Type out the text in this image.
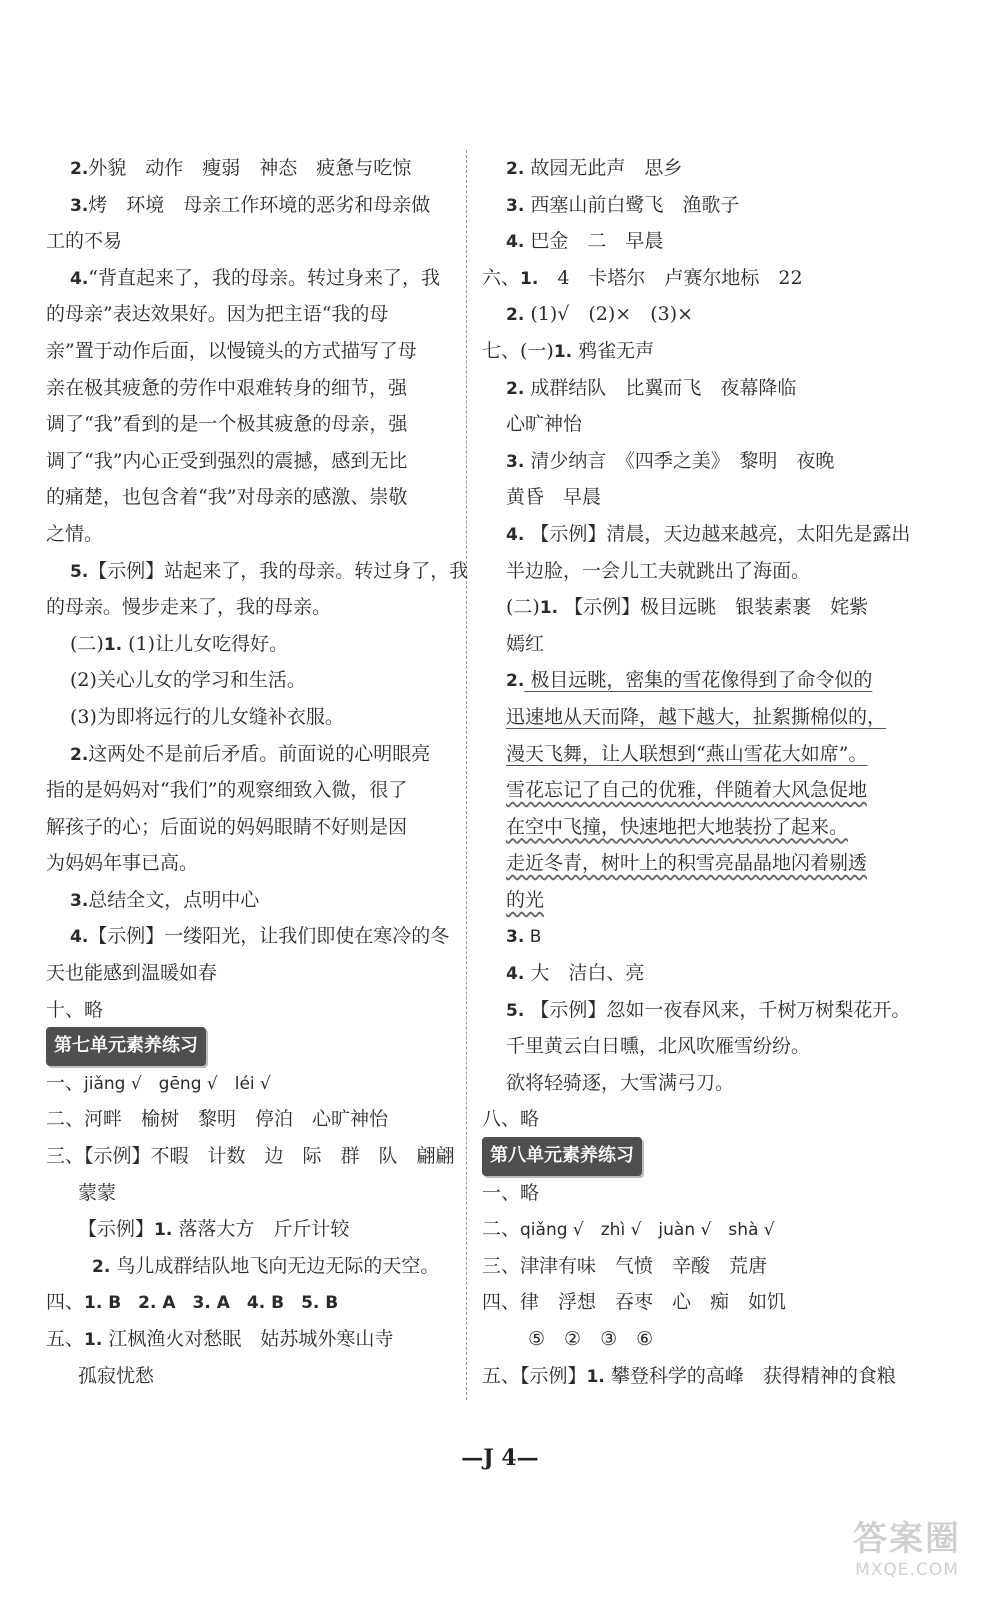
2.外貌　动作　瘦弱　神态　疲惫与吃惊
3.烤　环境　母亲工作环境的恶劣和母亲做
工的不易
4.“背直起来了，我的母亲。转过身来了，我
的母亲”表达效果好。因为把主语“我的母
亲”置于动作后面，以慢镜头的方式描写了母
亲在极其疲惫的劳作中艰难转身的细节，强
调了“我”看到的是一个极其疲惫的母亲，强
调了“我”内心正受到强烈的震撼，感到无比
的痛楚，也包含着“我”对母亲的感激、崇敬
之情。
5.【示例】站起来了，我的母亲。转过身了，我
的母亲。慢步走来了，我的母亲。
(二)1. (1)让儿女吃得好。
(2)关心儿女的学习和生活。
(3)为即将远行的儿女缝补衣服。
2.这两处不是前后矛盾。前面说的心明眼亮
指的是妈妈对“我们”的观察细致入微，很了
解孩子的心；后面说的妈妈眼睛不好则是因
为妈妈年事已高。
3.总结全文，点明中心
4.【示例】一缕阳光，让我们即使在寒冷的冬
天也能感到温暖如春
十、略
第七单元素养练习
一、jiǎng √　gēng √　léi √
二、河畔　榆树　黎明　停泊　心旷神怡
三、【示例】不暇　计数　边　际　群　队　翩翩
蒙蒙
【示例】1. 落落大方　斤斤计较
2. 鸟儿成群结队地飞向无边无际的天空。
四、1. B　2. A　3. A　4. B　5. B
五、1. 江枫渔火对愁眠　姑苏城外寒山寺
孤寂忧愁
2. 故园无此声　思乡
3. 西塞山前白鹭飞　渔歌子
4. 巴金　二　早晨
六、1.　4　卡塔尔　卢赛尔地标　22
2. (1)√　(2)×　(3)×
七、(一)1. 鸦雀无声
2. 成群结队　比翼而飞　夜幕降临
心旷神怡
3. 清少纳言　《四季之美》　黎明　夜晚
黄昏　早晨
4. 【示例】清晨，天边越来越亮，太阳先是露出
半边脸，一会儿工夫就跳出了海面。
(二)1. 【示例】极目远眺　银装素裹　姹紫
嫣红
2. 极目远眺，密集的雪花像得到了命令似的
迅速地从天而降，越下越大，扯絮撕棉似的，
漫天飞舞，让人联想到“燕山雪花大如席”。
雪花忘记了自己的优雅，伴随着大风急促地
在空中飞撞，快速地把大地装扮了起来。
走近冬青，树叶上的积雪亮晶晶地闪着剔透
的光
3. B
4. 大　洁白、亮
5. 【示例】忽如一夜春风来，千树万树梨花开。
千里黄云白日曛，北风吹雁雪纷纷。
欲将轻骑逐，大雪满弓刀。
八、略
第八单元素养练习
一、略
二、qiǎng √　zhì √　juàn √　shà √
三、津津有味　气愤　辛酸　荒唐
四、律　浮想　吞枣　心　痴　如饥
⑤　②　③　⑥
五、【示例】1. 攀登科学的高峰　获得精神的食粮
—J 4—
答案圈
MXQE.COM
